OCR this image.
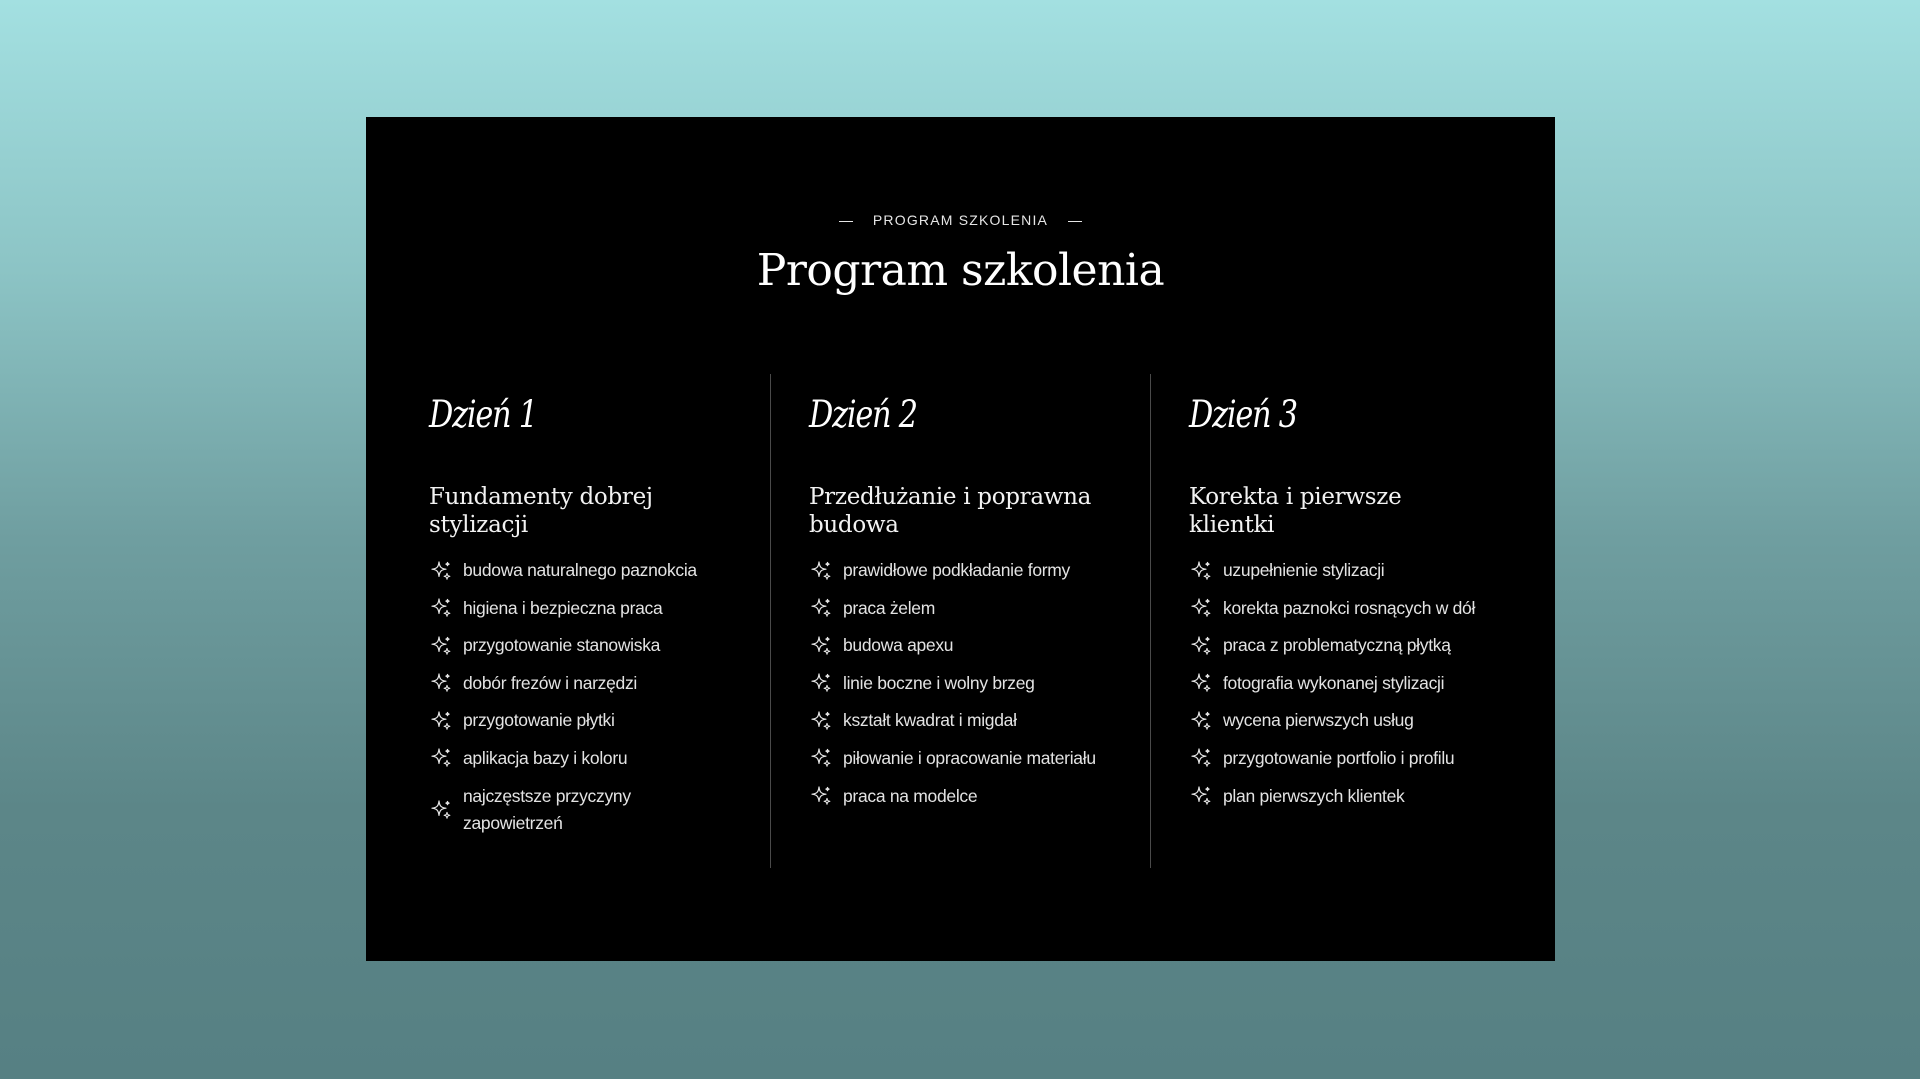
PROGRAM SZKOLENIA
Program szkolenia
Dzień 1
Fundamenty dobrej stylizacji
budowa naturalnego paznokcia
higiena i bezpieczna praca
przygotowanie stanowiska
dobór frezów i narzędzi
przygotowanie płytki
aplikacja bazy i koloru
najczęstsze przyczyny zapowietrzeń
Dzień 2
Przedłużanie i poprawna budowa
prawidłowe podkładanie formy
praca żelem
budowa apexu
linie boczne i wolny brzeg
kształt kwadrat i migdał
piłowanie i opracowanie materiału
praca na modelce
Dzień 3
Korekta i pierwsze klientki
uzupełnienie stylizacji
korekta paznokci rosnących w dół
praca z problematyczną płytką
fotografia wykonanej stylizacji
wycena pierwszych usług
przygotowanie portfolio i profilu
plan pierwszych klientek
